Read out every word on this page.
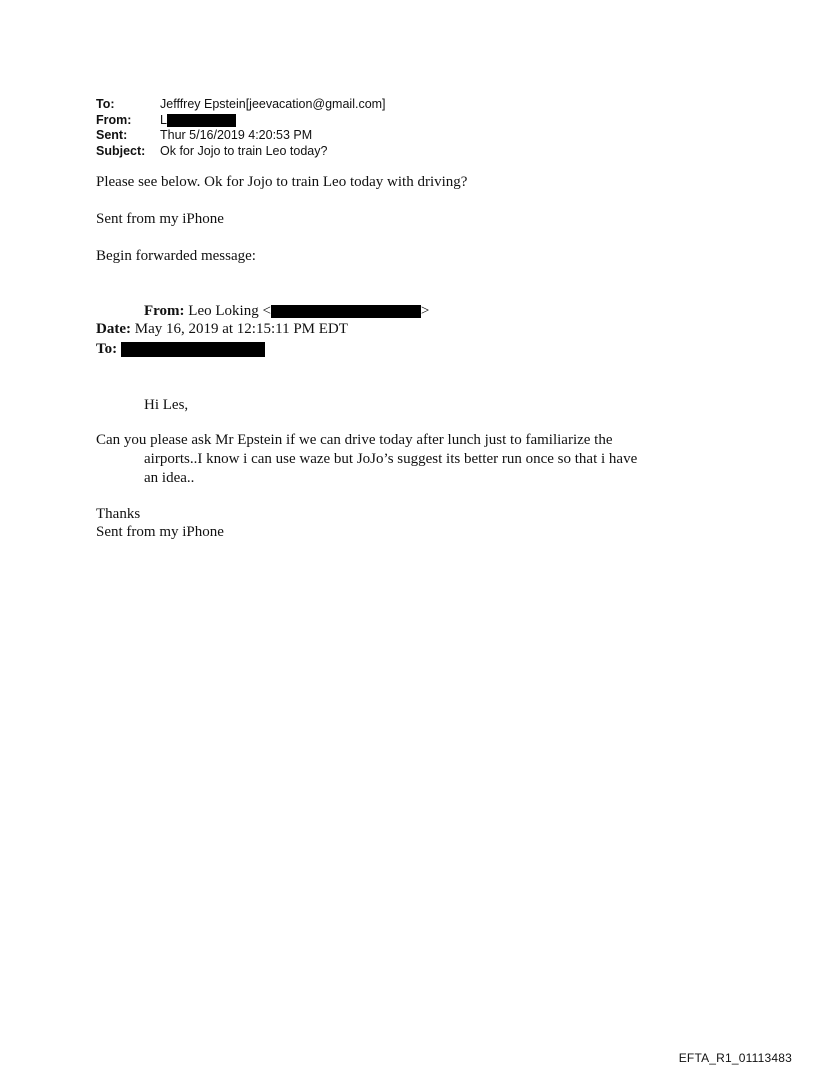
To:	Jefffrey Epstein[jeevacation@gmail.com]
From:	L
Sent:	Thur 5/16/2019 4:20:53 PM
Subject:	Ok for Jojo to train Leo today?
Please see below. Ok for Jojo to train Leo today with driving?
Sent from my iPhone
Begin forwarded message:
From: Leo Loking <	>
Date: May 16, 2019 at 12:15:11 PM EDT
To:
Hi Les,
Can you please ask Mr Epstein if we can drive today after lunch just to familiarize the
airports..I know i can use waze but JoJo’s suggest its better run once so that i have
an idea..
Thanks
Sent from my iPhone
EFTA_R1_01113483
